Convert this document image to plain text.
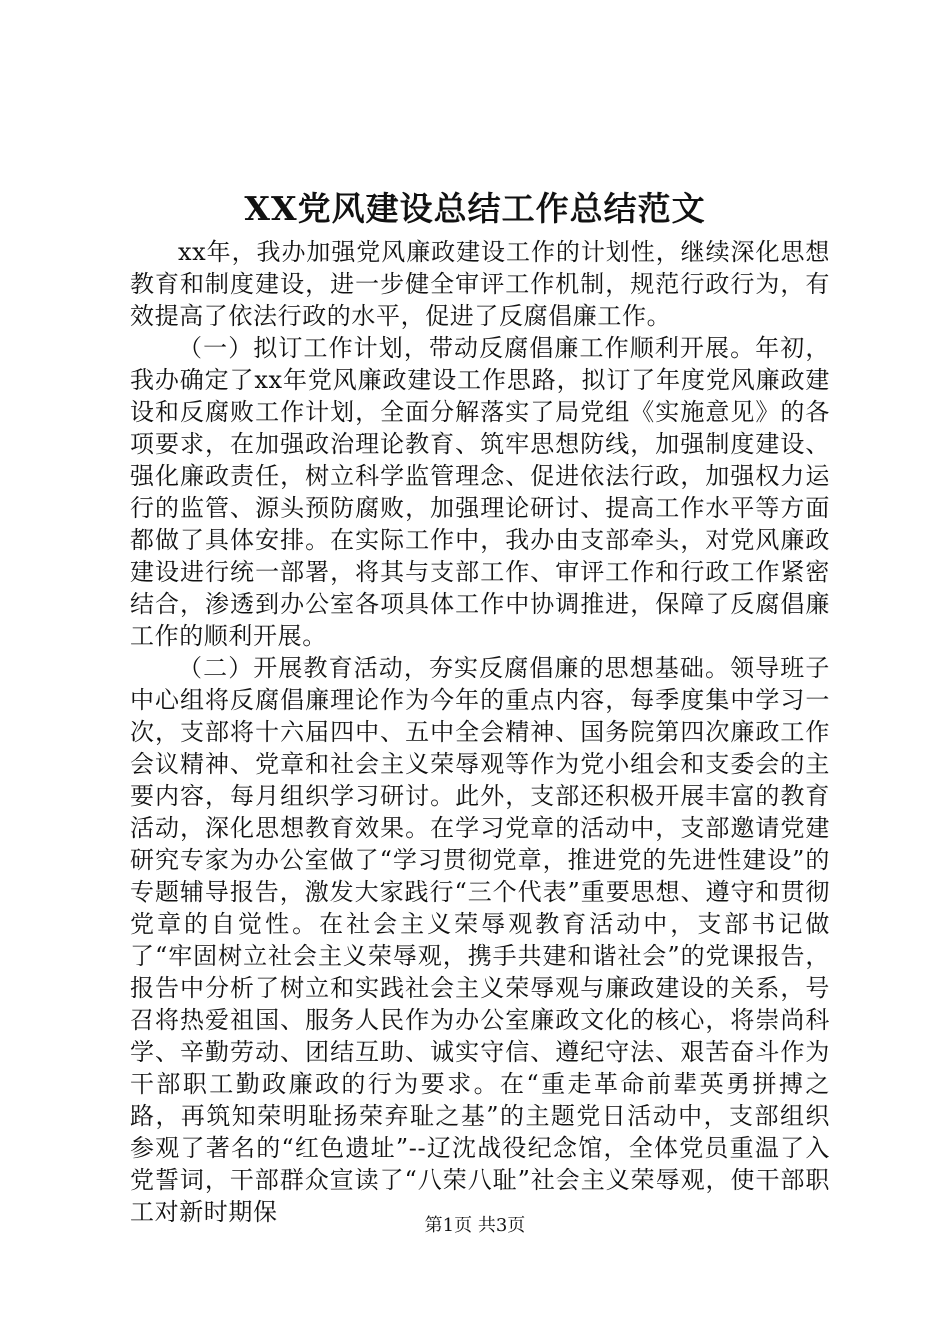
XX党风建设总结工作总结范文

xx年，我办加强党风廉政建设工作的计划性，继续深化思想教育和制度建设，进一步健全审评工作机制，规范行政行为，有效提高了依法行政的水平，促进了反腐倡廉工作。

（一）拟订工作计划，带动反腐倡廉工作顺利开展。年初，我办确定了xx年党风廉政建设工作思路，拟订了年度党风廉政建设和反腐败工作计划，全面分解落实了局党组《实施意见》的各项要求，在加强政治理论教育、筑牢思想防线，加强制度建设、强化廉政责任，树立科学监管理念、促进依法行政，加强权力运行的监管、源头预防腐败，加强理论研讨、提高工作水平等方面都做了具体安排。在实际工作中，我办由支部牵头，对党风廉政建设进行统一部署，将其与支部工作、审评工作和行政工作紧密结合，渗透到办公室各项具体工作中协调推进，保障了反腐倡廉工作的顺利开展。

（二）开展教育活动，夯实反腐倡廉的思想基础。领导班子中心组将反腐倡廉理论作为今年的重点内容，每季度集中学习一次，支部将十六届四中、五中全会精神、国务院第四次廉政工作会议精神、党章和社会主义荣辱观等作为党小组会和支委会的主要内容，每月组织学习研讨。此外，支部还积极开展丰富的教育活动，深化思想教育效果。在学习党章的活动中，支部邀请党建研究专家为办公室做了“学习贯彻党章，推进党的先进性建设”的专题辅导报告，激发大家践行“三个代表”重要思想、遵守和贯彻党章的自觉性。在社会主义荣辱观教育活动中，支部书记做了“牢固树立社会主义荣辱观，携手共建和谐社会”的党课报告，报告中分析了树立和实践社会主义荣辱观与廉政建设的关系，号召将热爱祖国、服务人民作为办公室廉政文化的核心，将崇尚科学、辛勤劳动、团结互助、诚实守信、遵纪守法、艰苦奋斗作为干部职工勤政廉政的行为要求。在“重走革命前辈英勇拼搏之路，再筑知荣明耻扬荣弃耻之基”的主题党日活动中，支部组织参观了著名的“红色遗址”--辽沈战役纪念馆，全体党员重温了入党誓词，干部群众宣读了“八荣八耻”社会主义荣辱观，使干部职工对新时期保	第1页 共3页
